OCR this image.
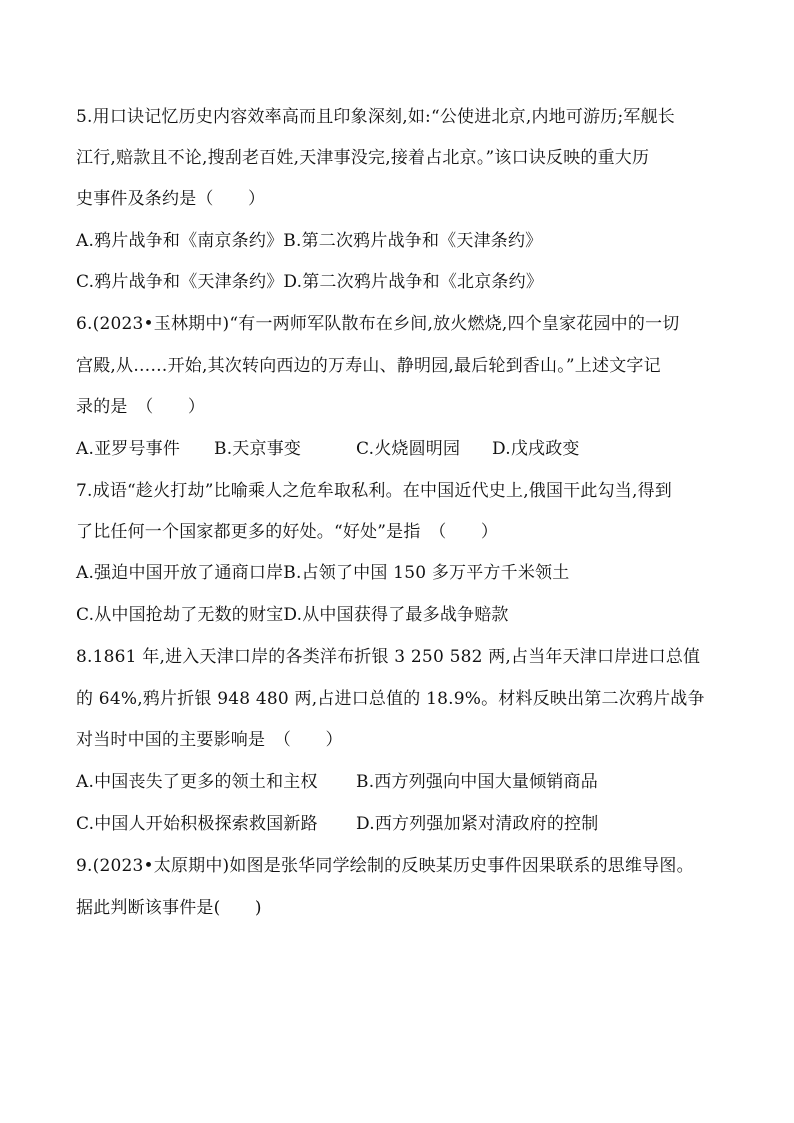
5.用口诀记忆历史内容效率高而且印象深刻,如:“公使进北京,内地可游历;军舰长
江行,赔款且不论,搜刮老百姓,天津事没完,接着占北京。”该口诀反映的重大历
史事件及条约是（　　）
A.鸦片战争和《南京条约》B.第二次鸦片战争和《天津条约》
C.鸦片战争和《天津条约》D.第二次鸦片战争和《北京条约》
6.(2023•玉林期中)“有一两师军队散布在乡间,放火燃烧,四个皇家花园中的一切
宫殿,从……开始,其次转向西边的万寿山、静明园,最后轮到香山。”上述文字记
录的是　（　　）
A.亚罗号事件 B.天京事变	C.火烧圆明园 D.戊戌政变
7.成语“趁火打劫”比喻乘人之危牟取私利。在中国近代史上,俄国干此勾当,得到
了比任何一个国家都更多的好处。“好处”是指　（　　）
A.强迫中国开放了通商口岸B.占领了中国 150 多万平方千米领土
C.从中国抢劫了无数的财宝D.从中国获得了最多战争赔款
8.1861 年,进入天津口岸的各类洋布折银 3 250 582 两,占当年天津口岸进口总值
的 64%,鸦片折银 948 480 两,占进口总值的 18.9%。材料反映出第二次鸦片战争
对当时中国的主要影响是　（　　）
A.中国丧失了更多的领土和主权 B.西方列强向中国大量倾销商品
C.中国人开始积极探索救国新路 D.西方列强加紧对清政府的控制
9.(2023•太原期中)如图是张华同学绘制的反映某历史事件因果联系的思维导图。
据此判断该事件是(　　)
